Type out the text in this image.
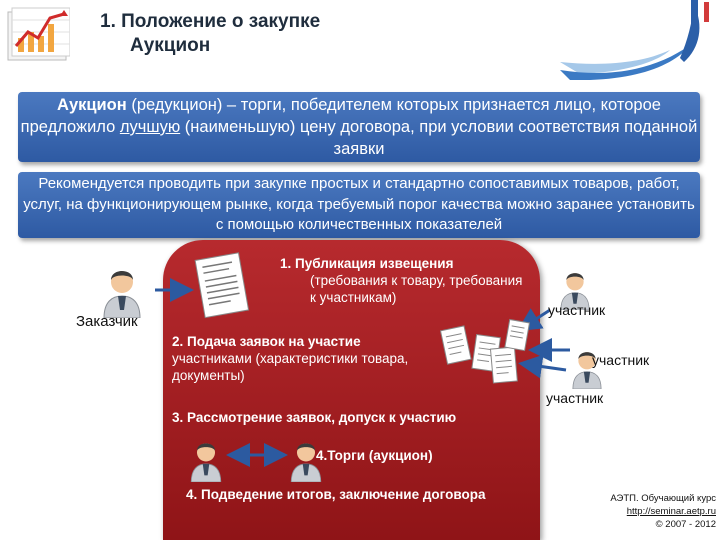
1. Положение о закупке
Аукцион
Аукцион (редукцион) – торги, победителем которых признается лицо, которое предложило лучшую (наименьшую) цену договора, при условии соответствия поданной заявки
Рекомендуется проводить при закупке простых и стандартно сопоставимых товаров, работ, услуг, на функционирующем рынке, когда требуемый порог качества можно заранее установить с помощью количественных показателей
Заказчик
участник
участник
участник
1. Публикация извещения
(требования к товару, требования к участникам)
2. Подача заявок на участие
участниками (характеристики товара, документы)
3. Рассмотрение заявок, допуск к участию
4.Торги (аукцион)
4. Подведение итогов, заключение договора	АЭТП. Обучающий курс
http://seminar.aetp.ru
© 2007 - 2012
